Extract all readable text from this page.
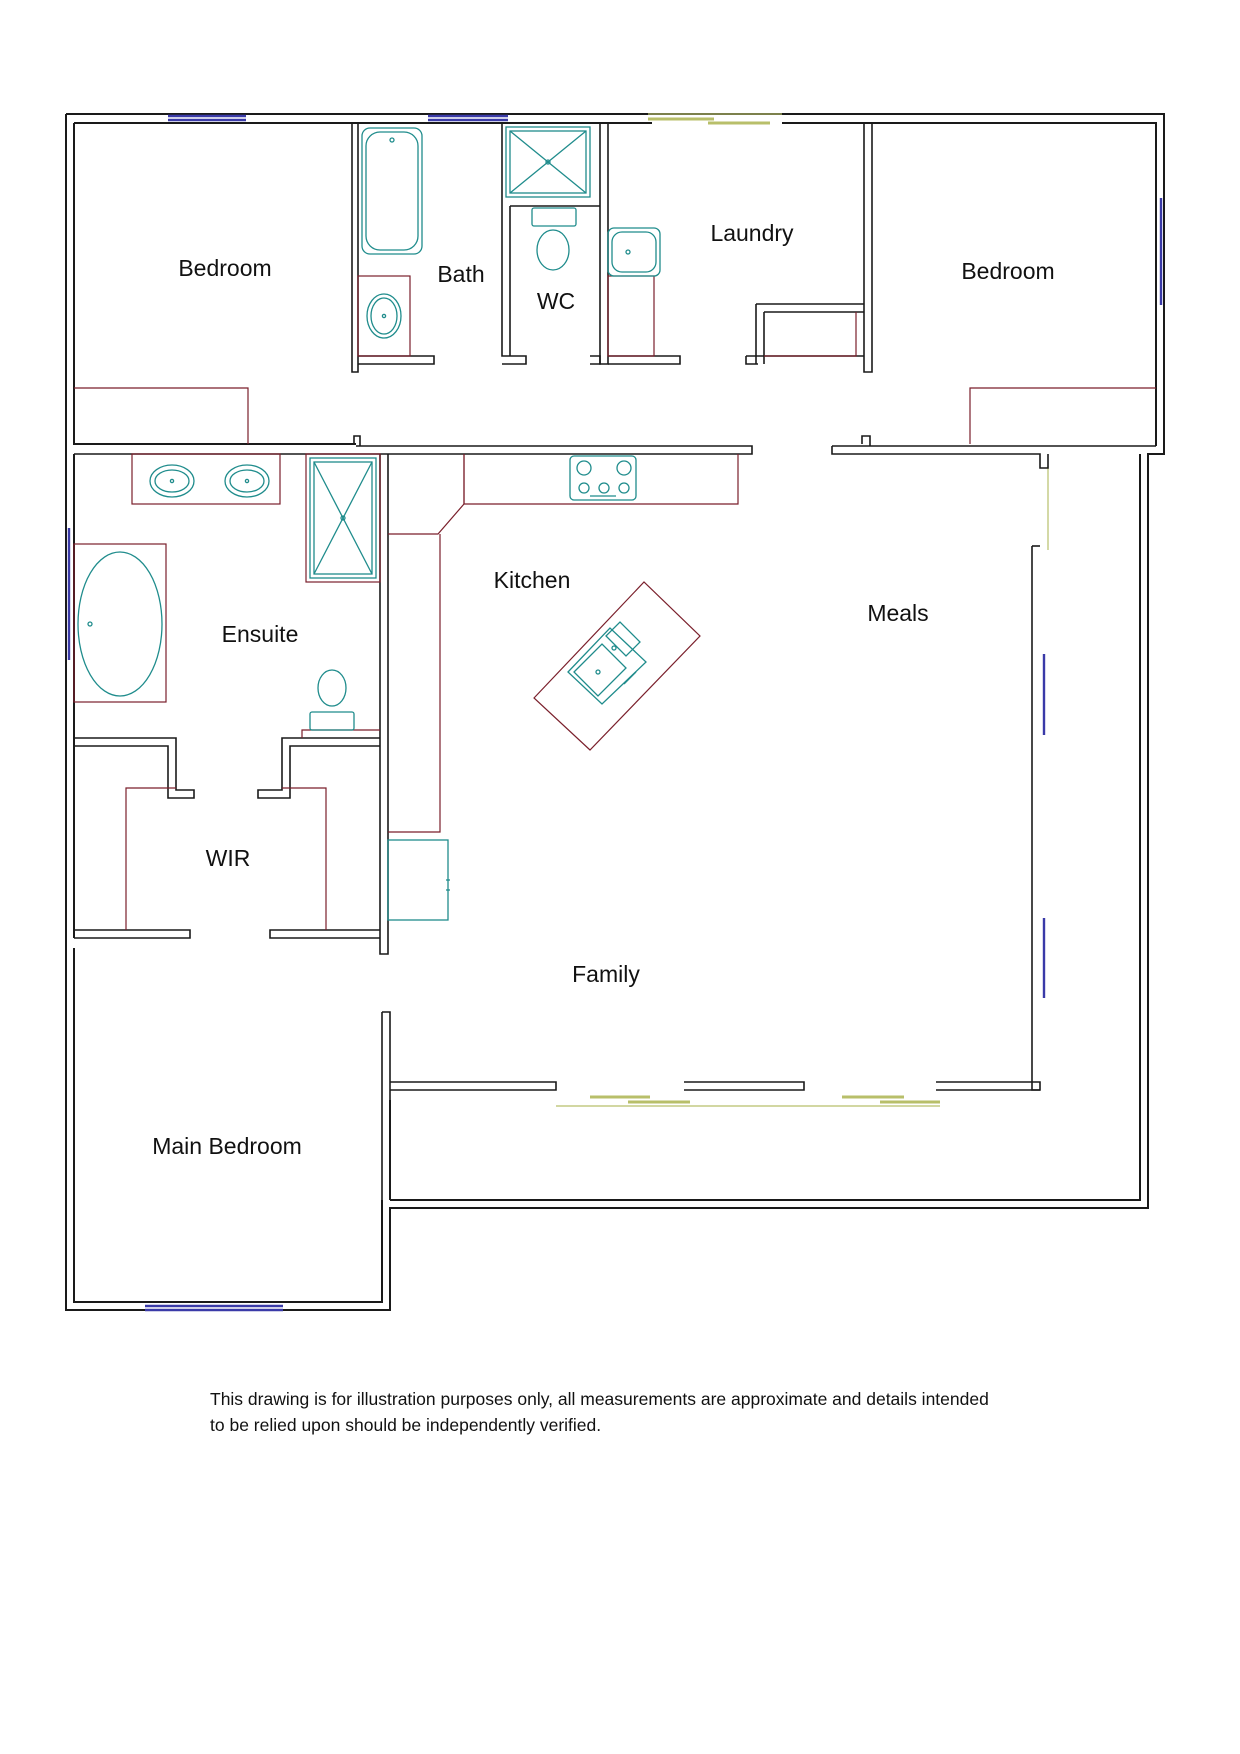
Bedroom	Bath
WC
Laundry
Bedroom
Kitchen
Meals
Ensuite
WIR
Family
Main Bedroom

This drawing is for illustration purposes only, all measurements are approximate and details intended
to be relied upon should be independently verified.
